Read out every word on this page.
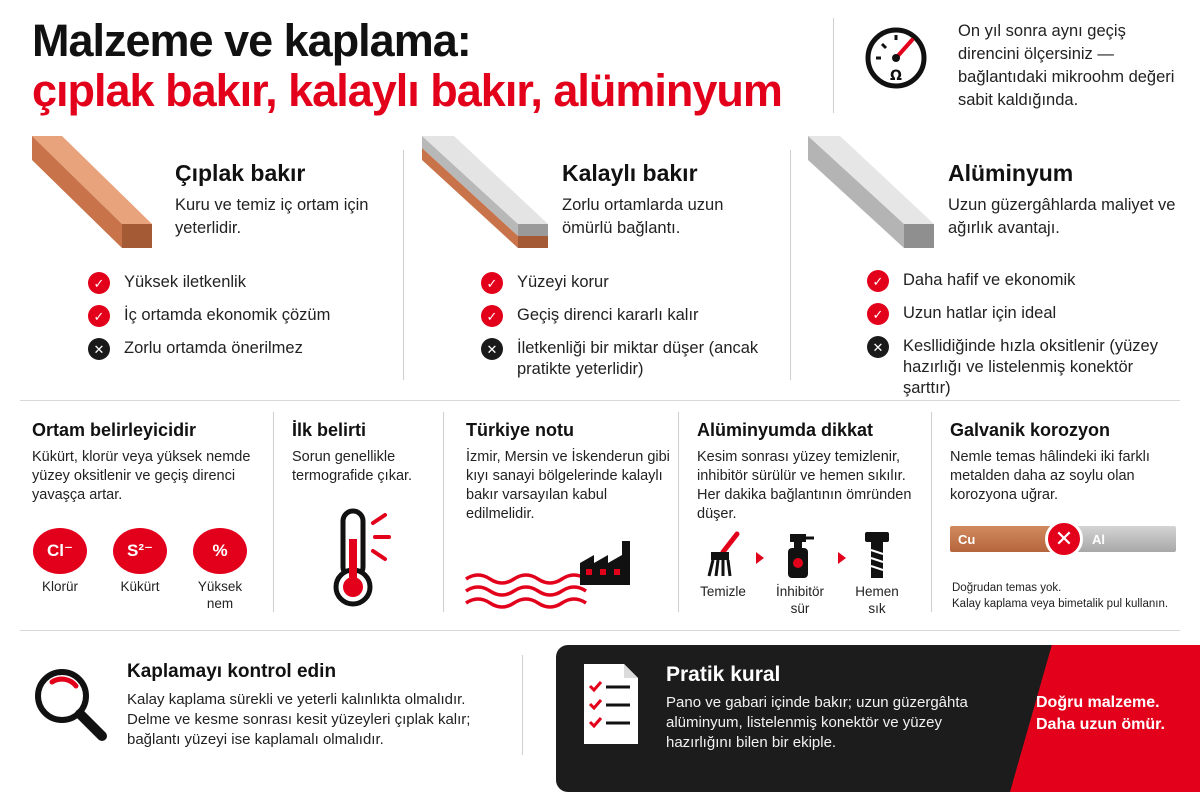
Malzeme ve kaplama:
çıplak bakır, kalaylı bakır, alüminyum	Ω
On yıl sonra aynı geçiş direncini ölçersiniz — bağlantıdaki mikroohm değeri sabit kaldığında.
Çıplak bakır
Kuru ve temiz iç ortam için yeterlidir.
✓	Yüksek iletkenlik
✓	İç ortamda ekonomik çözüm
✕	Zorlu ortamda önerilmez
Kalaylı bakır
Zorlu ortamlarda uzun ömürlü bağlantı.
✓	Yüzeyi korur
✓	Geçiş direnci kararlı kalır
✕	İletkenliği bir miktar düşer (ancak pratikte yeterlidir)
Alüminyum
Uzun güzergâhlarda maliyet ve ağırlık avantajı.
✓	Daha hafif ve ekonomik
✓	Uzun hatlar için ideal
✕	Kesllidiğinde hızla oksitlenir (yüzey hazırlığı ve listelenmiş konektör şarttır)
Ortam belirleyicidir
Kükürt, klorür veya yüksek nemde yüzey oksitlenir ve geçiş direnci yavaşça artar.
Cl⁻
Klorür
S²⁻
Kükürt
%
Yüksek nem
İlk belirti
Sorun genellikle termografide çıkar.
Türkiye notu
İzmir, Mersin ve İskenderun gibi kıyı sanayi bölgelerinde kalaylı bakır varsayılan kabul edilmelidir.
Alüminyumda dikkat
Kesim sonrası yüzey temizlenir, inhibitör sürülür ve hemen sıkılır. Her dakika bağlantının ömründen düşer.
Temizle	İnhibitör sür
Hemen sık
Galvanik korozyon
Nemle temas hâlindeki iki farklı metalden daha az soylu olan korozyona uğrar.
Cu	Al
✕
Doğrudan temas yok.
Kalay kaplama veya bimetalik pul kullanın.
Kaplamayı kontrol edin
Kalay kaplama sürekli ve yeterli kalınlıkta olmalıdır. Delme ve kesme sonrası kesit yüzeyleri çıplak kalır; bağlantı yüzeyi ise kaplamalı olmalıdır.
Pratik kural
Pano ve gabari içinde bakır; uzun güzergâhta alüminyum, listelenmiş konektör ve yüzey hazırlığını bilen bir ekiple.
Doğru malzeme.
Daha uzun ömür.
